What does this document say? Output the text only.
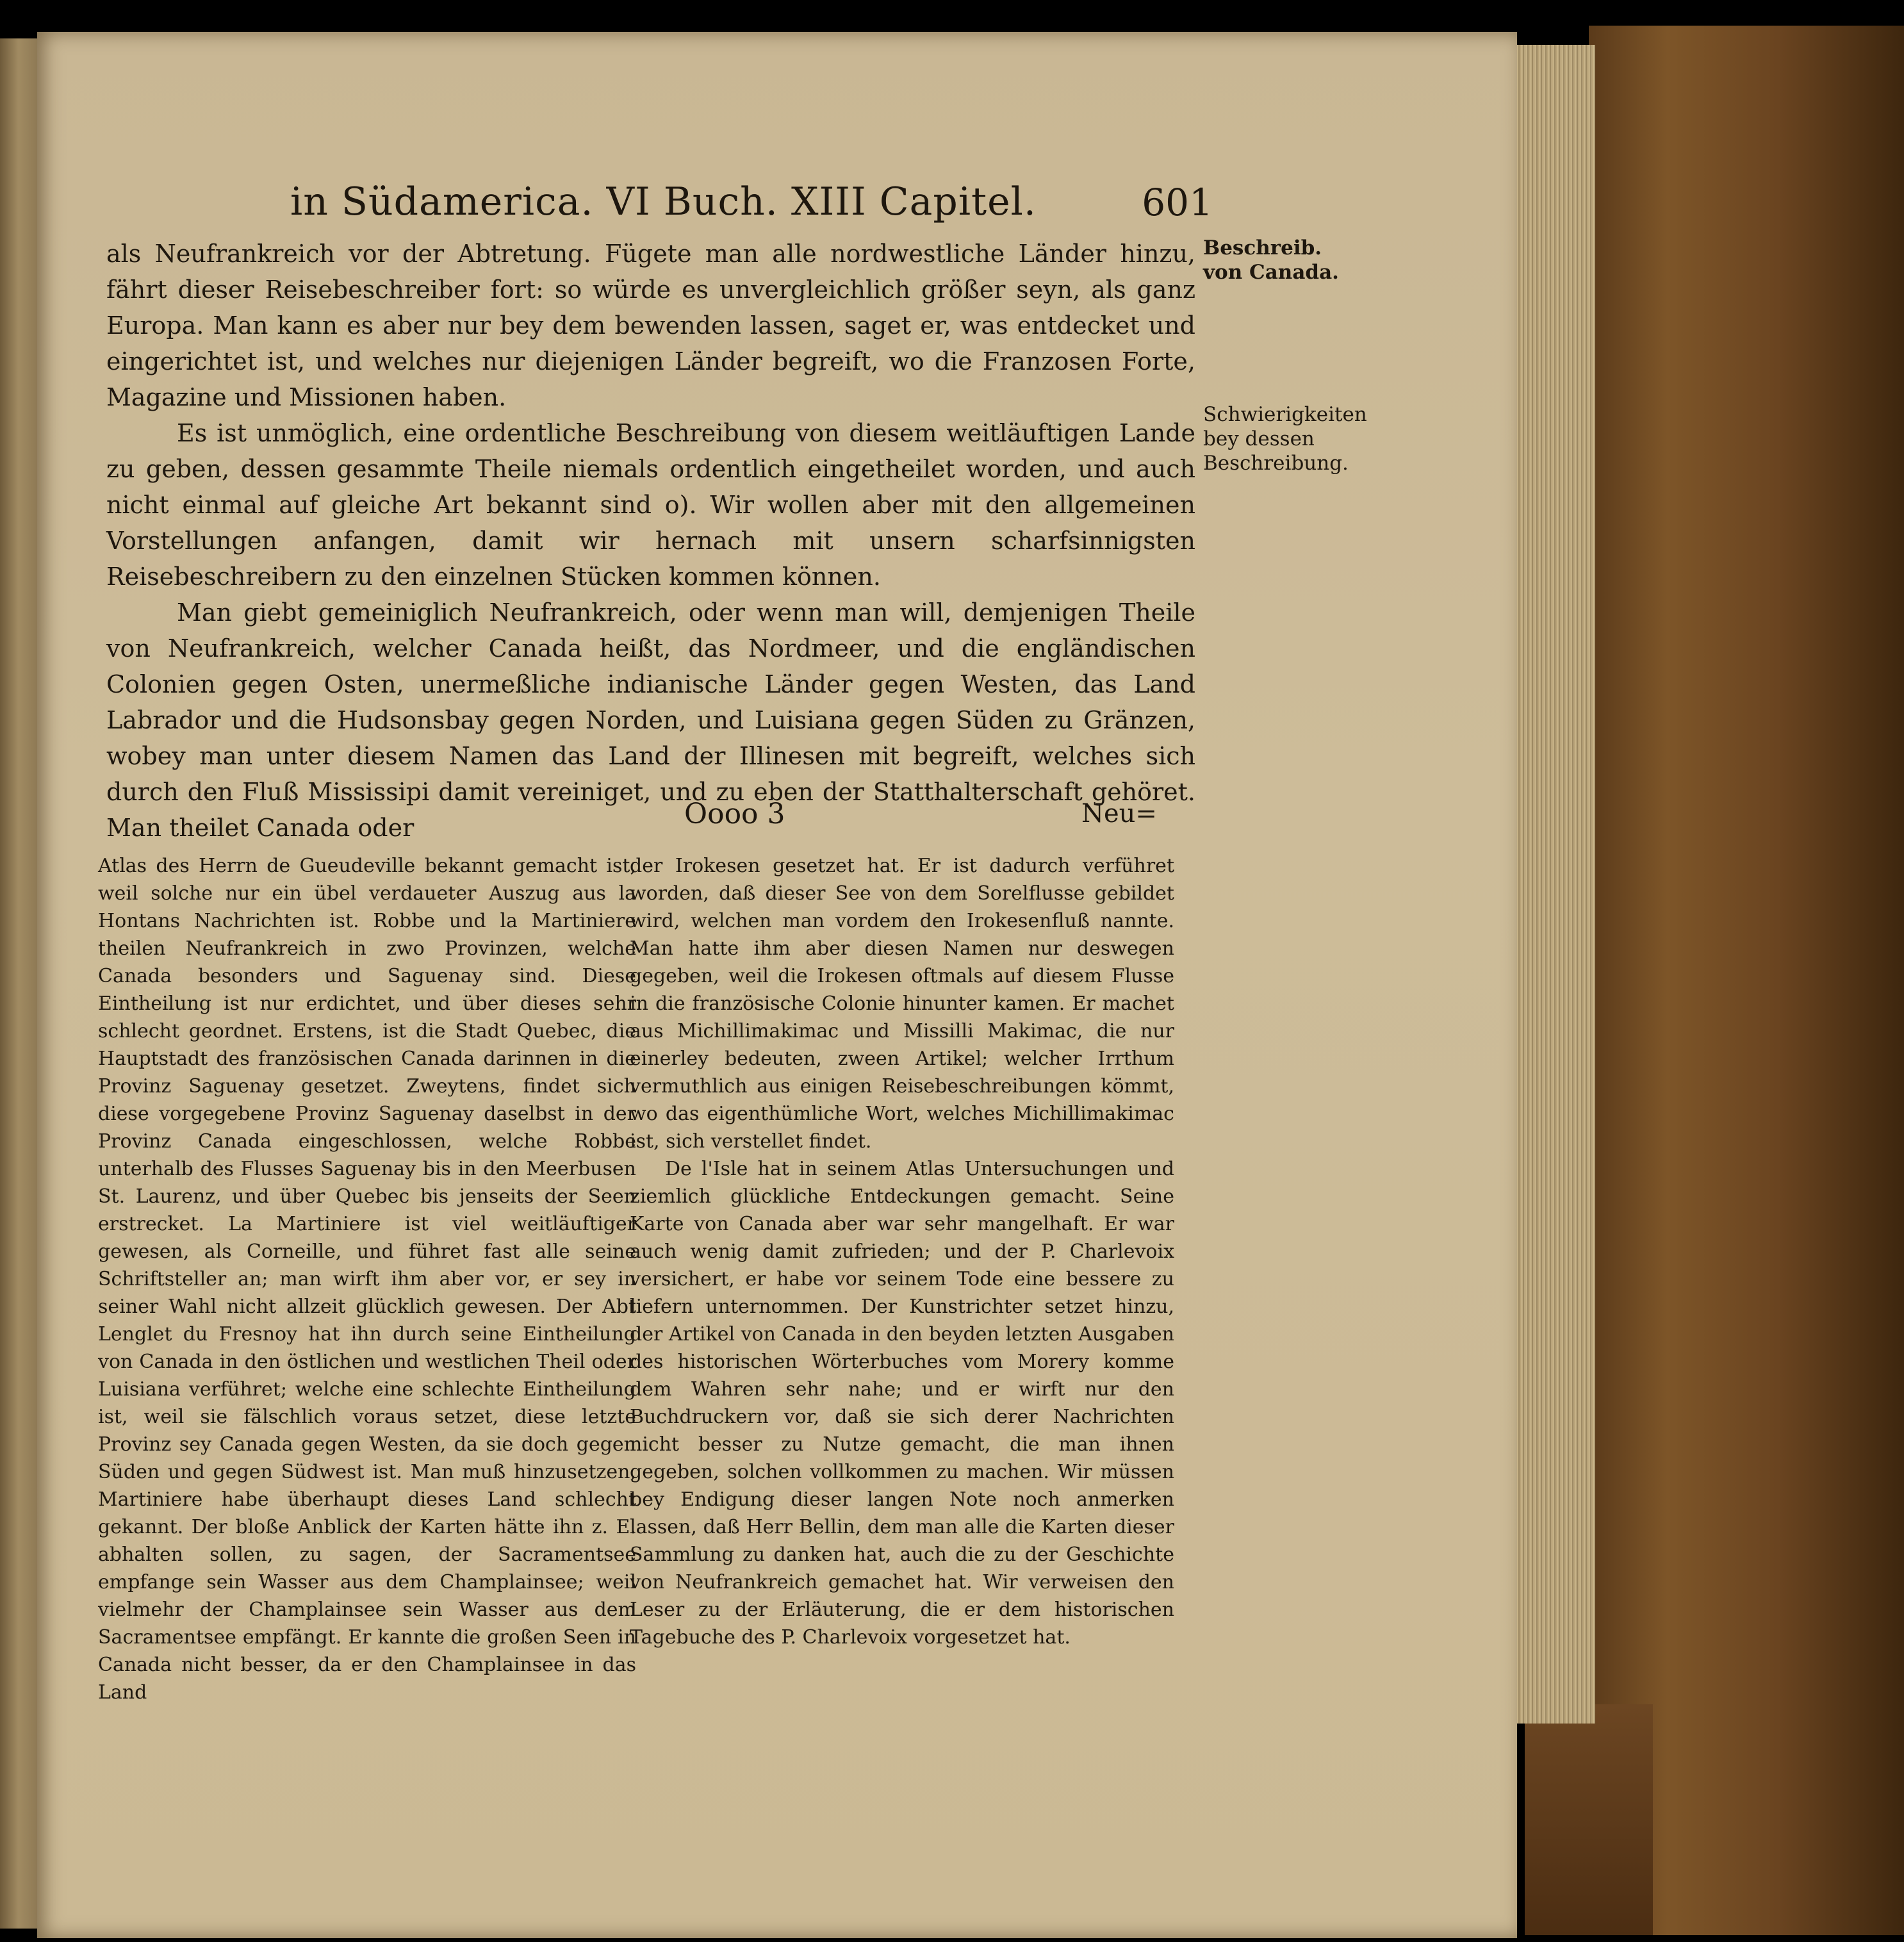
in Südamerica. VI Buch. XIII Capitel.	601

als Neufrankreich vor der Abtretung. Fügete man alle nordwestliche Länder hinzu, fährt dieser Reisebeschreiber fort: so würde es unvergleichlich größer seyn, als ganz Europa. Man kann es aber nur bey dem bewenden lassen, saget er, was entdecket und eingerichtet ist, und welches nur diejenigen Länder begreift, wo die Franzosen Forte, Magazine und Missionen haben.

Es ist unmöglich, eine ordentliche Beschreibung von diesem weitläuftigen Lande zu geben, dessen gesammte Theile niemals ordentlich eingetheilet worden, und auch nicht einmal auf gleiche Art bekannt sind o). Wir wollen aber mit den allgemeinen Vorstellungen anfangen, damit wir hernach mit unsern scharfsinnigsten Reisebeschreibern zu den einzelnen Stücken kommen können.

Man giebt gemeiniglich Neufrankreich, oder wenn man will, demjenigen Theile von Neufrankreich, welcher Canada heißt, das Nordmeer, und die engländischen Colonien gegen Osten, unermeßliche indianische Länder gegen Westen, das Land Labrador und die Hudsonsbay gegen Norden, und Luisiana gegen Süden zu Gränzen, wobey man unter diesem Namen das Land der Illinesen mit begreift, welches sich durch den Fluß Mississipi damit vereiniget, und zu eben der Statthalterschaft gehöret. Man theilet Canada oder

Beschreib. von Canada.
Schwierigkeiten bey dessen Beschreibung.
Oooo 3	Neu=

Atlas des Herrn de Gueudeville bekannt gemacht ist, weil solche nur ein übel verdaueter Auszug aus la Hontans Nachrichten ist. Robbe und la Martiniere theilen Neufrankreich in zwo Provinzen, welche Canada besonders und Saguenay sind. Diese Eintheilung ist nur erdichtet, und über dieses sehr schlecht geordnet. Erstens, ist die Stadt Quebec, die Hauptstadt des französischen Canada darinnen in die Provinz Saguenay gesetzet. Zweytens, findet sich diese vorgegebene Provinz Saguenay daselbst in der Provinz Canada eingeschlossen, welche Robbe unterhalb des Flusses Saguenay bis in den Meerbusen St. Laurenz, und über Quebec bis jenseits der Seen erstrecket. La Martiniere ist viel weitläuftiger gewesen, als Corneille, und führet fast alle seine Schriftsteller an; man wirft ihm aber vor, er sey in seiner Wahl nicht allzeit glücklich gewesen. Der Abt Lenglet du Fresnoy hat ihn durch seine Eintheilung von Canada in den östlichen und westlichen Theil oder Luisiana verführet; welche eine schlechte Eintheilung ist, weil sie fälschlich voraus setzet, diese letzte Provinz sey Canada gegen Westen, da sie doch gegen Süden und gegen Südwest ist. Man muß hinzusetzen, Martiniere habe überhaupt dieses Land schlecht gekannt. Der bloße Anblick der Karten hätte ihn z. E. abhalten sollen, zu sagen, der Sacramentsee empfange sein Wasser aus dem Champlainsee; weil vielmehr der Champlainsee sein Wasser aus dem Sacramentsee empfängt. Er kannte die großen Seen in Canada nicht besser, da er den Champlainsee in das Land

der Irokesen gesetzet hat. Er ist dadurch verführet worden, daß dieser See von dem Sorelflusse gebildet wird, welchen man vordem den Irokesenfluß nannte. Man hatte ihm aber diesen Namen nur deswegen gegeben, weil die Irokesen oftmals auf diesem Flusse in die französische Colonie hinunter kamen. Er machet aus Michillimakimac und Missilli Makimac, die nur einerley bedeuten, zween Artikel; welcher Irrthum vermuthlich aus einigen Reisebeschreibungen kömmt, wo das eigenthümliche Wort, welches Michillimakimac ist, sich verstellet findet.

De l'Isle hat in seinem Atlas Untersuchungen und ziemlich glückliche Entdeckungen gemacht. Seine Karte von Canada aber war sehr mangelhaft. Er war auch wenig damit zufrieden; und der P. Charlevoix versichert, er habe vor seinem Tode eine bessere zu liefern unternommen. Der Kunstrichter setzet hinzu, der Artikel von Canada in den beyden letzten Ausgaben des historischen Wörterbuches vom Morery komme dem Wahren sehr nahe; und er wirft nur den Buchdruckern vor, daß sie sich derer Nachrichten nicht besser zu Nutze gemacht, die man ihnen gegeben, solchen vollkommen zu machen. Wir müssen bey Endigung dieser langen Note noch anmerken lassen, daß Herr Bellin, dem man alle die Karten dieser Sammlung zu danken hat, auch die zu der Geschichte von Neufrankreich gemachet hat. Wir verweisen den Leser zu der Erläuterung, die er dem historischen Tagebuche des P. Charlevoix vorgesetzet hat.
